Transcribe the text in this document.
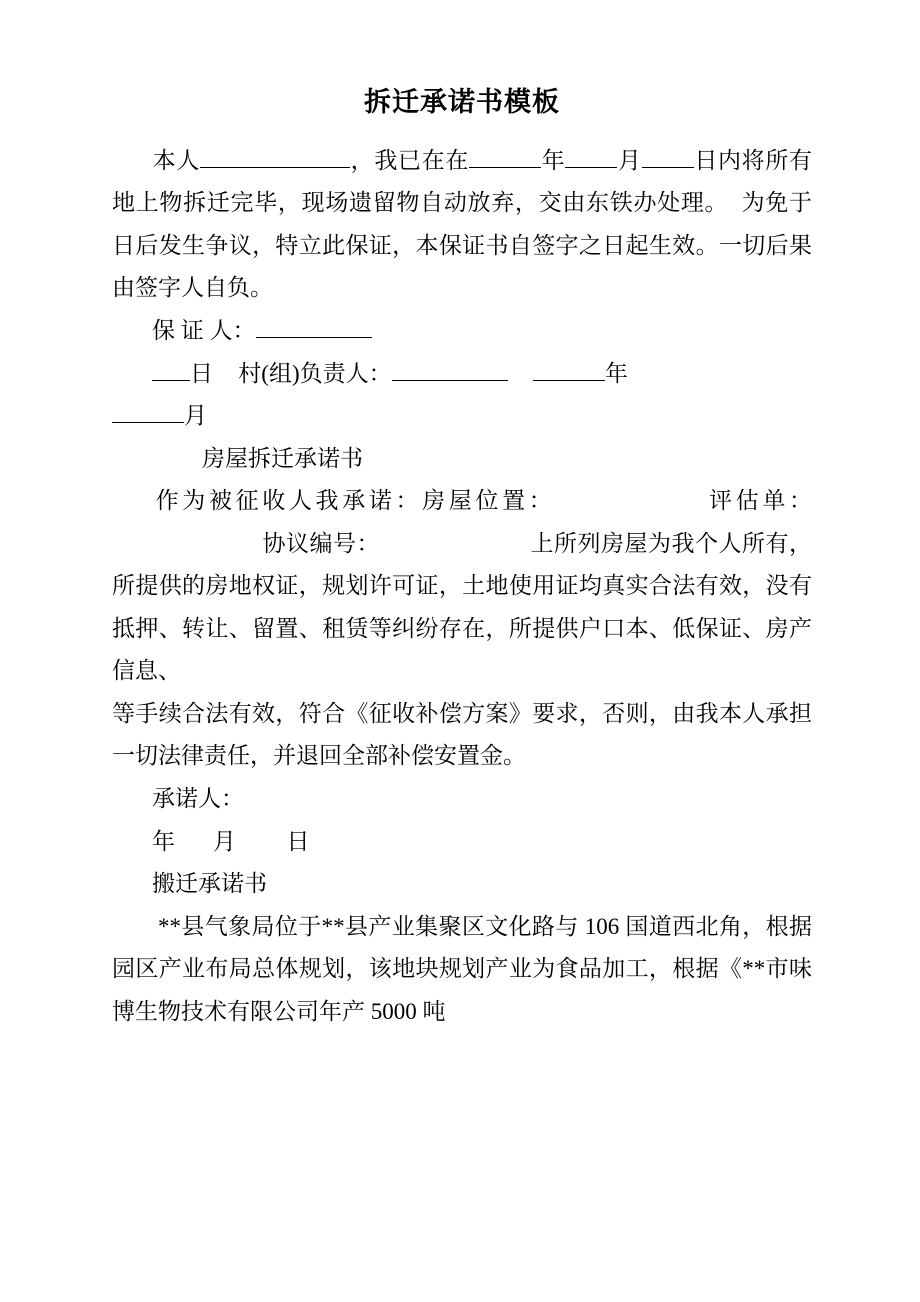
拆迁承诺书模板

本人	，我已在在	年 月 日内将所有地上物拆迁完毕，现场遗留物自动放弃，交由东铁办处理。 为免于日后发生争议，特立此保证，本保证书自签字之日起生效。一切后果由签字人自负。

保 证 人：

日 村(组)负责人：	年

月

房屋拆迁承诺书

作为被征收人我承诺：房屋位置：	评估单：协议编号：	上所列房屋为我个人所有，所提供的房地权证，规划许可证，土地使用证均真实合法有效，没有抵押、转让、留置、租赁等纠纷存在，所提供户口本、低保证、房产信息、

等手续合法有效，符合《征收补偿方案》要求，否则，由我本人承担一切法律责任，并退回全部补偿安置金。

承诺人：

年 月 日

搬迁承诺书

**县气象局位于**县产业集聚区文化路与 106 国道西北角，根据园区产业布局总体规划，该地块规划产业为食品加工，根据《**市味博生物技术有限公司年产 5000 吨
